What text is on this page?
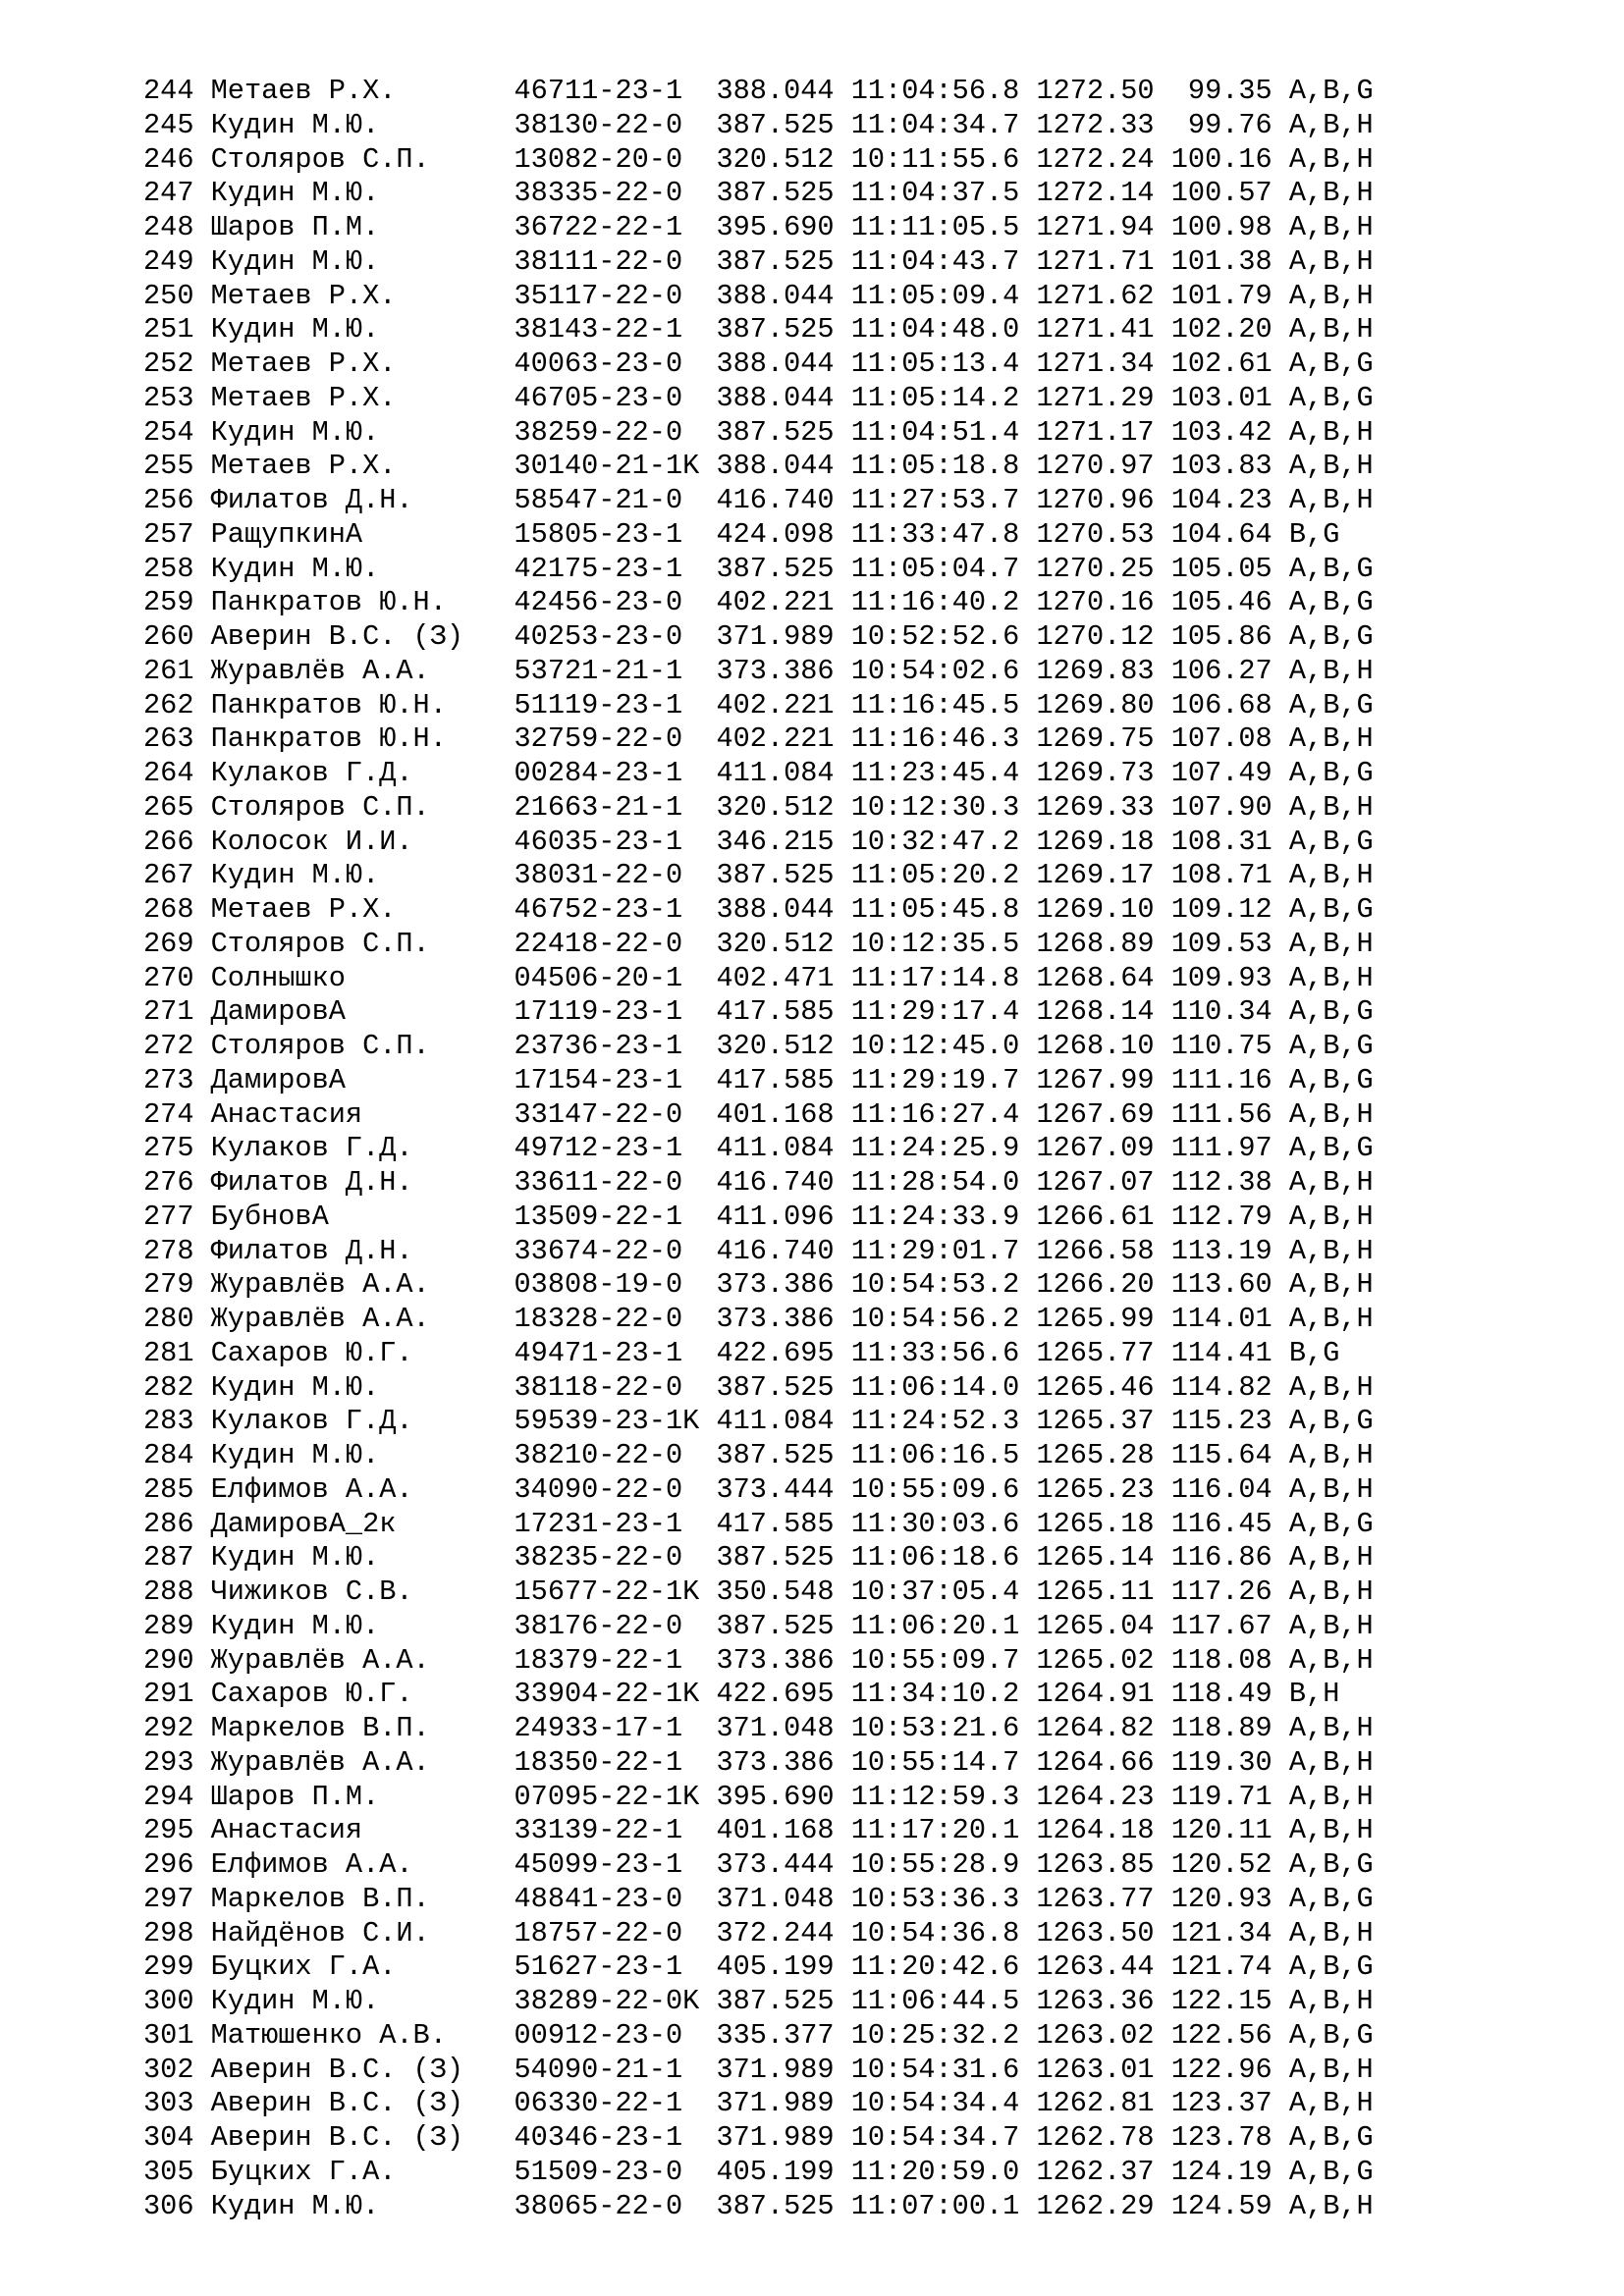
244 Метаев Р.Х.       46711-23-1  388.044 11:04:56.8 1272.50  99.35 A,B,G
245 Кудин М.Ю.        38130-22-0  387.525 11:04:34.7 1272.33  99.76 A,B,H
246 Столяров С.П.     13082-20-0  320.512 10:11:55.6 1272.24 100.16 A,B,H
247 Кудин М.Ю.        38335-22-0  387.525 11:04:37.5 1272.14 100.57 A,B,H
248 Шаров П.М.        36722-22-1  395.690 11:11:05.5 1271.94 100.98 A,B,H
249 Кудин М.Ю.        38111-22-0  387.525 11:04:43.7 1271.71 101.38 A,B,H
250 Метаев Р.Х.       35117-22-0  388.044 11:05:09.4 1271.62 101.79 A,B,H
251 Кудин М.Ю.        38143-22-1  387.525 11:04:48.0 1271.41 102.20 A,B,H
252 Метаев Р.Х.       40063-23-0  388.044 11:05:13.4 1271.34 102.61 A,B,G
253 Метаев Р.Х.       46705-23-0  388.044 11:05:14.2 1271.29 103.01 A,B,G
254 Кудин М.Ю.        38259-22-0  387.525 11:04:51.4 1271.17 103.42 A,B,H
255 Метаев Р.Х.       30140-21-1K 388.044 11:05:18.8 1270.97 103.83 A,B,H
256 Филатов Д.Н.      58547-21-0  416.740 11:27:53.7 1270.96 104.23 A,B,H
257 РащупкинА         15805-23-1  424.098 11:33:47.8 1270.53 104.64 B,G
258 Кудин М.Ю.        42175-23-1  387.525 11:05:04.7 1270.25 105.05 A,B,G
259 Панкратов Ю.Н.    42456-23-0  402.221 11:16:40.2 1270.16 105.46 A,B,G
260 Аверин В.С. (З)   40253-23-0  371.989 10:52:52.6 1270.12 105.86 A,B,G
261 Журавлёв А.А.     53721-21-1  373.386 10:54:02.6 1269.83 106.27 A,B,H
262 Панкратов Ю.Н.    51119-23-1  402.221 11:16:45.5 1269.80 106.68 A,B,G
263 Панкратов Ю.Н.    32759-22-0  402.221 11:16:46.3 1269.75 107.08 A,B,H
264 Кулаков Г.Д.      00284-23-1  411.084 11:23:45.4 1269.73 107.49 A,B,G
265 Столяров С.П.     21663-21-1  320.512 10:12:30.3 1269.33 107.90 A,B,H
266 Колосок И.И.      46035-23-1  346.215 10:32:47.2 1269.18 108.31 A,B,G
267 Кудин М.Ю.        38031-22-0  387.525 11:05:20.2 1269.17 108.71 A,B,H
268 Метаев Р.Х.       46752-23-1  388.044 11:05:45.8 1269.10 109.12 A,B,G
269 Столяров С.П.     22418-22-0  320.512 10:12:35.5 1268.89 109.53 A,B,H
270 Солнышко          04506-20-1  402.471 11:17:14.8 1268.64 109.93 A,B,H
271 ДамировА          17119-23-1  417.585 11:29:17.4 1268.14 110.34 A,B,G
272 Столяров С.П.     23736-23-1  320.512 10:12:45.0 1268.10 110.75 A,B,G
273 ДамировА          17154-23-1  417.585 11:29:19.7 1267.99 111.16 A,B,G
274 Анастасия         33147-22-0  401.168 11:16:27.4 1267.69 111.56 A,B,H
275 Кулаков Г.Д.      49712-23-1  411.084 11:24:25.9 1267.09 111.97 A,B,G
276 Филатов Д.Н.      33611-22-0  416.740 11:28:54.0 1267.07 112.38 A,B,H
277 БубновА           13509-22-1  411.096 11:24:33.9 1266.61 112.79 A,B,H
278 Филатов Д.Н.      33674-22-0  416.740 11:29:01.7 1266.58 113.19 A,B,H
279 Журавлёв А.А.     03808-19-0  373.386 10:54:53.2 1266.20 113.60 A,B,H
280 Журавлёв А.А.     18328-22-0  373.386 10:54:56.2 1265.99 114.01 A,B,H
281 Сахаров Ю.Г.      49471-23-1  422.695 11:33:56.6 1265.77 114.41 B,G
282 Кудин М.Ю.        38118-22-0  387.525 11:06:14.0 1265.46 114.82 A,B,H
283 Кулаков Г.Д.      59539-23-1K 411.084 11:24:52.3 1265.37 115.23 A,B,G
284 Кудин М.Ю.        38210-22-0  387.525 11:06:16.5 1265.28 115.64 A,B,H
285 Елфимов А.А.      34090-22-0  373.444 10:55:09.6 1265.23 116.04 A,B,H
286 ДамировА_2к       17231-23-1  417.585 11:30:03.6 1265.18 116.45 A,B,G
287 Кудин М.Ю.        38235-22-0  387.525 11:06:18.6 1265.14 116.86 A,B,H
288 Чижиков С.В.      15677-22-1K 350.548 10:37:05.4 1265.11 117.26 A,B,H
289 Кудин М.Ю.        38176-22-0  387.525 11:06:20.1 1265.04 117.67 A,B,H
290 Журавлёв А.А.     18379-22-1  373.386 10:55:09.7 1265.02 118.08 A,B,H
291 Сахаров Ю.Г.      33904-22-1K 422.695 11:34:10.2 1264.91 118.49 B,H
292 Маркелов В.П.     24933-17-1  371.048 10:53:21.6 1264.82 118.89 A,B,H
293 Журавлёв А.А.     18350-22-1  373.386 10:55:14.7 1264.66 119.30 A,B,H
294 Шаров П.М.        07095-22-1K 395.690 11:12:59.3 1264.23 119.71 A,B,H
295 Анастасия         33139-22-1  401.168 11:17:20.1 1264.18 120.11 A,B,H
296 Елфимов А.А.      45099-23-1  373.444 10:55:28.9 1263.85 120.52 A,B,G
297 Маркелов В.П.     48841-23-0  371.048 10:53:36.3 1263.77 120.93 A,B,G
298 Найдёнов С.И.     18757-22-0  372.244 10:54:36.8 1263.50 121.34 A,B,H
299 Буцких Г.А.       51627-23-1  405.199 11:20:42.6 1263.44 121.74 A,B,G
300 Кудин М.Ю.        38289-22-0K 387.525 11:06:44.5 1263.36 122.15 A,B,H
301 Матюшенко А.В.    00912-23-0  335.377 10:25:32.2 1263.02 122.56 A,B,G
302 Аверин В.С. (З)   54090-21-1  371.989 10:54:31.6 1263.01 122.96 A,B,H
303 Аверин В.С. (З)   06330-22-1  371.989 10:54:34.4 1262.81 123.37 A,B,H
304 Аверин В.С. (З)   40346-23-1  371.989 10:54:34.7 1262.78 123.78 A,B,G
305 Буцких Г.А.       51509-23-0  405.199 11:20:59.0 1262.37 124.19 A,B,G
306 Кудин М.Ю.        38065-22-0  387.525 11:07:00.1 1262.29 124.59 A,B,H
